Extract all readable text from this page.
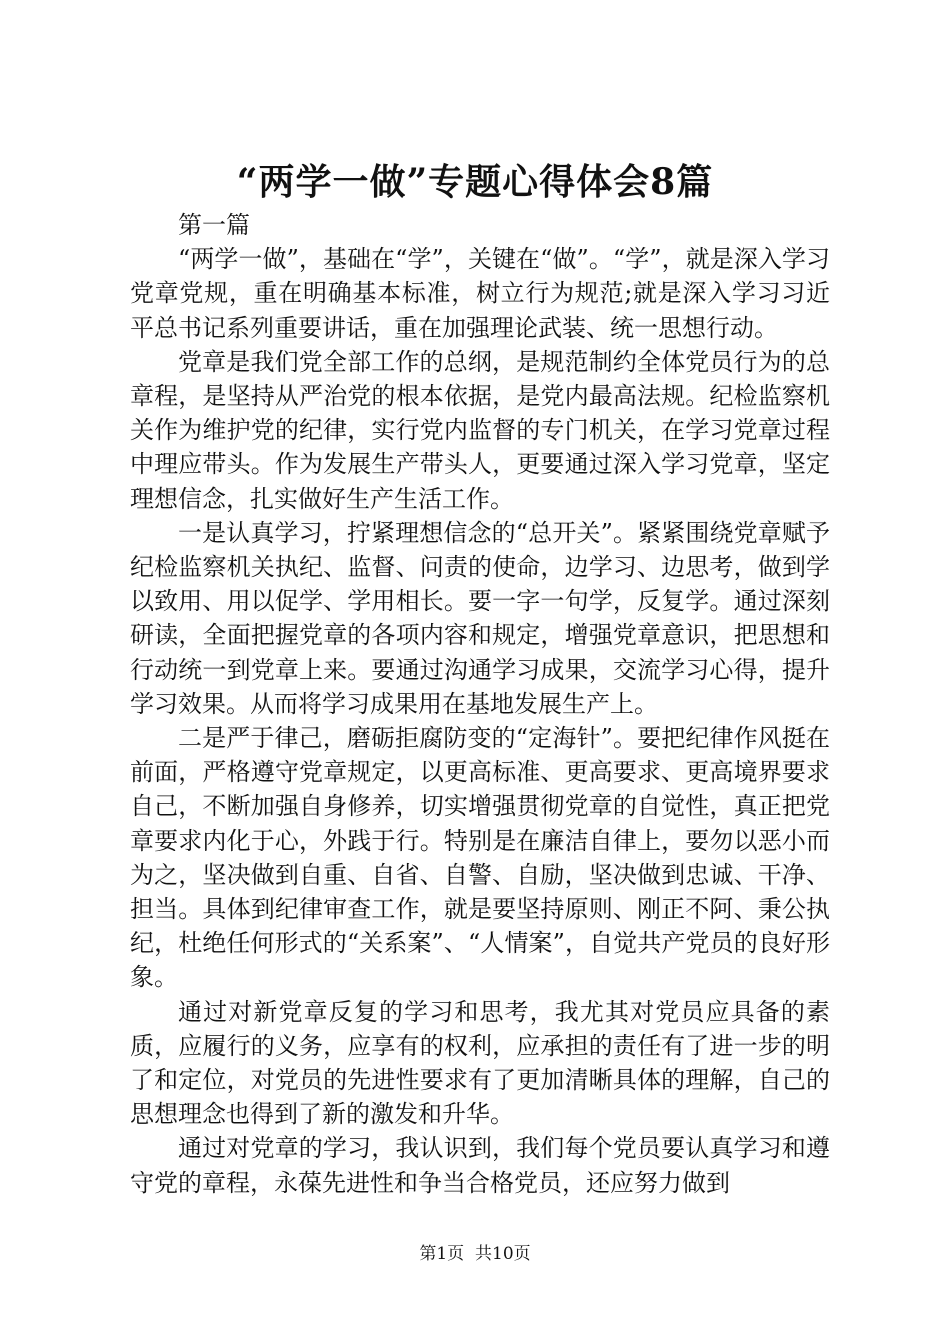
“两学一做”专题心得体会8篇

第一篇

“两学一做”，基础在“学”，关键在“做”。“学”，就是深入学习党章党规，重在明确基本标准，树立行为规范;就是深入学习习近平总书记系列重要讲话，重在加强理论武装、统一思想行动。

党章是我们党全部工作的总纲，是规范制约全体党员行为的总章程，是坚持从严治党的根本依据，是党内最高法规。纪检监察机关作为维护党的纪律，实行党内监督的专门机关，在学习党章过程中理应带头。作为发展生产带头人，更要通过深入学习党章，坚定理想信念，扎实做好生产生活工作。

一是认真学习，拧紧理想信念的“总开关”。紧紧围绕党章赋予纪检监察机关执纪、监督、问责的使命，边学习、边思考，做到学以致用、用以促学、学用相长。要一字一句学，反复学。通过深刻研读，全面把握党章的各项内容和规定，增强党章意识，把思想和行动统一到党章上来。要通过沟通学习成果，交流学习心得，提升学习效果。从而将学习成果用在基地发展生产上。

二是严于律己，磨砺拒腐防变的“定海针”。要把纪律作风挺在前面，严格遵守党章规定，以更高标准、更高要求、更高境界要求自己，不断加强自身修养，切实增强贯彻党章的自觉性，真正把党章要求内化于心，外践于行。特别是在廉洁自律上，要勿以恶小而为之，坚决做到自重、自省、自警、自励，坚决做到忠诚、干净、担当。具体到纪律审查工作，就是要坚持原则、刚正不阿、秉公执纪，杜绝任何形式的“关系案”、“人情案”，自觉共产党员的良好形象。

通过对新党章反复的学习和思考，我尤其对党员应具备的素质，应履行的义务，应享有的权利，应承担的责任有了进一步的明了和定位，对党员的先进性要求有了更加清晰具体的理解，自己的思想理念也得到了新的激发和升华。

通过对党章的学习，我认识到，我们每个党员要认真学习和遵守党的章程，永葆先进性和争当合格党员，还应努力做到

第1页 共10页
